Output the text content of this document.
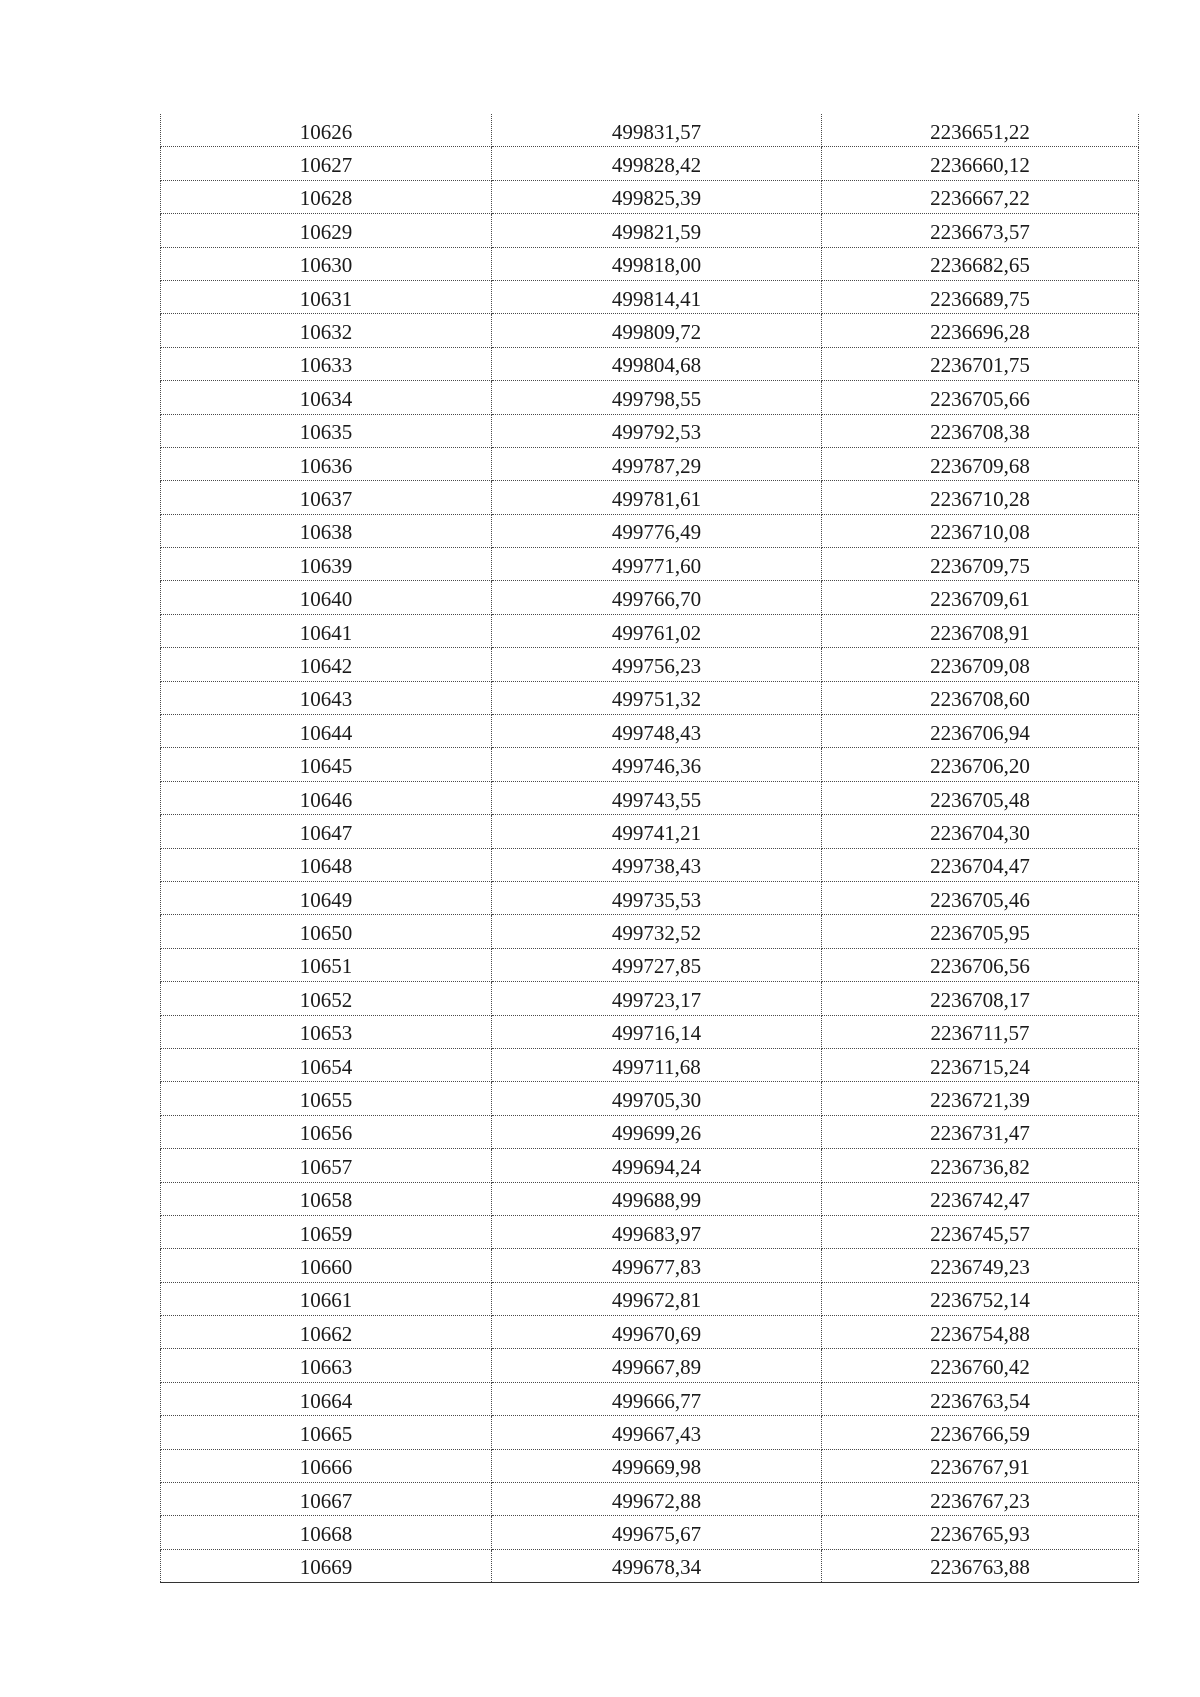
10626	499831,57	2236651,22
10627	499828,42	2236660,12
10628	499825,39	2236667,22
10629	499821,59	2236673,57
10630	499818,00	2236682,65
10631	499814,41	2236689,75
10632	499809,72	2236696,28
10633	499804,68	2236701,75
10634	499798,55	2236705,66
10635	499792,53	2236708,38
10636	499787,29	2236709,68
10637	499781,61	2236710,28
10638	499776,49	2236710,08
10639	499771,60	2236709,75
10640	499766,70	2236709,61
10641	499761,02	2236708,91
10642	499756,23	2236709,08
10643	499751,32	2236708,60
10644	499748,43	2236706,94
10645	499746,36	2236706,20
10646	499743,55	2236705,48
10647	499741,21	2236704,30
10648	499738,43	2236704,47
10649	499735,53	2236705,46
10650	499732,52	2236705,95
10651	499727,85	2236706,56
10652	499723,17	2236708,17
10653	499716,14	2236711,57
10654	499711,68	2236715,24
10655	499705,30	2236721,39
10656	499699,26	2236731,47
10657	499694,24	2236736,82
10658	499688,99	2236742,47
10659	499683,97	2236745,57
10660	499677,83	2236749,23
10661	499672,81	2236752,14
10662	499670,69	2236754,88
10663	499667,89	2236760,42
10664	499666,77	2236763,54
10665	499667,43	2236766,59
10666	499669,98	2236767,91
10667	499672,88	2236767,23
10668	499675,67	2236765,93
10669	499678,34	2236763,88
